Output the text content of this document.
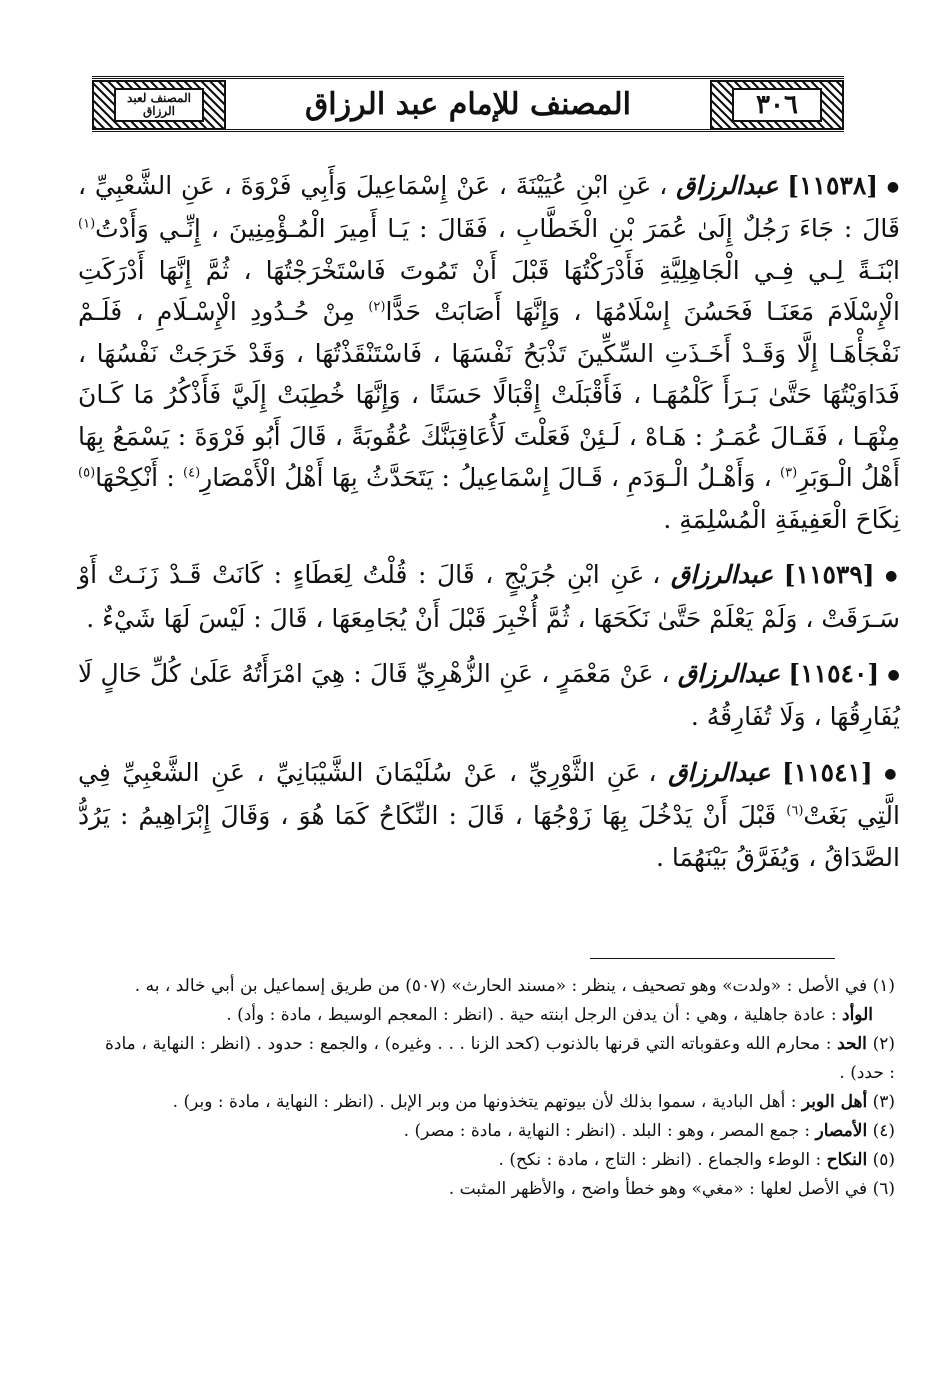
٣٠٦
المصنف للإمام عبد الرزاق
المصنف لعبد الرزاق

● [١١٥٣٨] عبدالرزاق ، عَنِ ابْنِ عُيَيْنَةَ ، عَنْ إِسْمَاعِيلَ وَأَبِي فَرْوَةَ ، عَنِ الشَّعْبِيِّ ، قَالَ : جَاءَ رَجُلٌ إِلَىٰ عُمَرَ بْنِ الْخَطَّابِ ، فَقَالَ : يَـا أَمِيرَ الْمُـؤْمِنِينَ ، إِنِّـي وَأَدْتُ$^{(١)}$ ابْنَـةً لِـي فِـي الْجَاهِلِيَّةِ فَأَدْرَكْتُهَا قَبْلَ أَنْ تَمُوتَ فَاسْتَخْرَجْتُهَا ، ثُمَّ إِنَّهَا أَدْرَكَتِ الْإِسْلَامَ مَعَنَـا فَحَسُنَ إِسْلَامُهَا ، وَإِنَّهَا أَصَابَتْ حَدًّا$^{(٢)}$ مِنْ حُـدُودِ الْإِسْـلَامِ ، فَلَـمْ نَفْجَأْهَـا إِلَّا وَقَـدْ أَخَـذَتِ السِّكِّينَ تَذْبَحُ نَفْسَهَا ، فَاسْتَنْقَذْتُهَا ، وَقَدْ خَرَجَتْ نَفْسُهَا ، فَدَاوَيْتُهَا حَتَّىٰ بَـرَأَ كَلْمُهَـا ، فَأَقْبَلَتْ إِقْبَالًا حَسَنًا ، وَإِنَّهَا خُطِبَتْ إِلَيَّ فَأَذْكُرُ مَا كَـانَ مِنْهَـا ، فَقَـالَ عُمَـرُ : هَـاهْ ، لَـئِنْ فَعَلْتَ لَأُعَاقِبَنَّكَ عُقُوبَةً ، قَالَ أَبُو فَرْوَةَ : يَسْمَعُ بِهَا أَهْلُ الْـوَبَرِ$^{(٣)}$ ، وَأَهْـلُ الْـوَدَمِ ، قَـالَ إِسْمَاعِيلُ : يَتَحَدَّثُ بِهَا أَهْلُ الْأَمْصَارِ$^{(٤)}$ : أَنْكِحْهَا$^{(٥)}$ نِكَاحَ الْعَفِيفَةِ الْمُسْلِمَةِ .

● [١١٥٣٩] عبدالرزاق ، عَنِ ابْنِ جُرَيْجٍ ، قَالَ : قُلْتُ لِعَطَاءٍ : كَانَتْ قَـدْ زَنَـتْ أَوْ سَـرَقَتْ ، وَلَمْ يَعْلَمْ حَتَّىٰ نَكَحَهَا ، ثُمَّ أُخْبِرَ قَبْلَ أَنْ يُجَامِعَهَا ، قَالَ : لَيْسَ لَهَا شَيْءٌ .

● [١١٥٤٠] عبدالرزاق ، عَنْ مَعْمَرٍ ، عَنِ الزُّهْرِيِّ قَالَ : هِيَ امْرَأَتُهُ عَلَىٰ كُلِّ حَالٍ لَا يُفَارِقُهَا ، وَلَا تُفَارِقُهُ .

● [١١٥٤١] عبدالرزاق ، عَنِ الثَّوْرِيِّ ، عَنْ سُلَيْمَانَ الشَّيْبَانِيِّ ، عَنِ الشَّعْبِيِّ فِي الَّتِي بَغَتْ$^{(٦)}$ قَبْلَ أَنْ يَدْخُلَ بِهَا زَوْجُهَا ، قَالَ : النِّكَاحُ كَمَا هُوَ ، وَقَالَ إِبْرَاهِيمُ : يَرُدُّ الصَّدَاقُ ، وَيُفَرَّقُ بَيْنَهُمَا .

(١) في الأصل : «ولدت» وهو تصحيف ، ينظر : «مسند الحارث» (٥٠٧) من طريق إسماعيل بن أبي خالد ، به .

الوأد : عادة جاهلية ، وهي : أن يدفن الرجل ابنته حية . (انظر : المعجم الوسيط ، مادة : وأد) .

(٢) الحد : محارم الله وعقوباته التي قرنها بالذنوب (كحد الزنا . . . وغيره) ، والجمع : حدود . (انظر : النهاية ، مادة : حدد) .

(٣) أهل الوبر : أهل البادية ، سموا بذلك لأن بيوتهم يتخذونها من وبر الإبل . (انظر : النهاية ، مادة : وبر) .

(٤) الأمصار : جمع المصر ، وهو : البلد . (انظر : النهاية ، مادة : مصر) .

(٥) النكاح : الوطء والجماع . (انظر : التاج ، مادة : نكح) .

(٦) في الأصل لعلها : «مغي» وهو خطأ واضح ، والأظهر المثبت .
